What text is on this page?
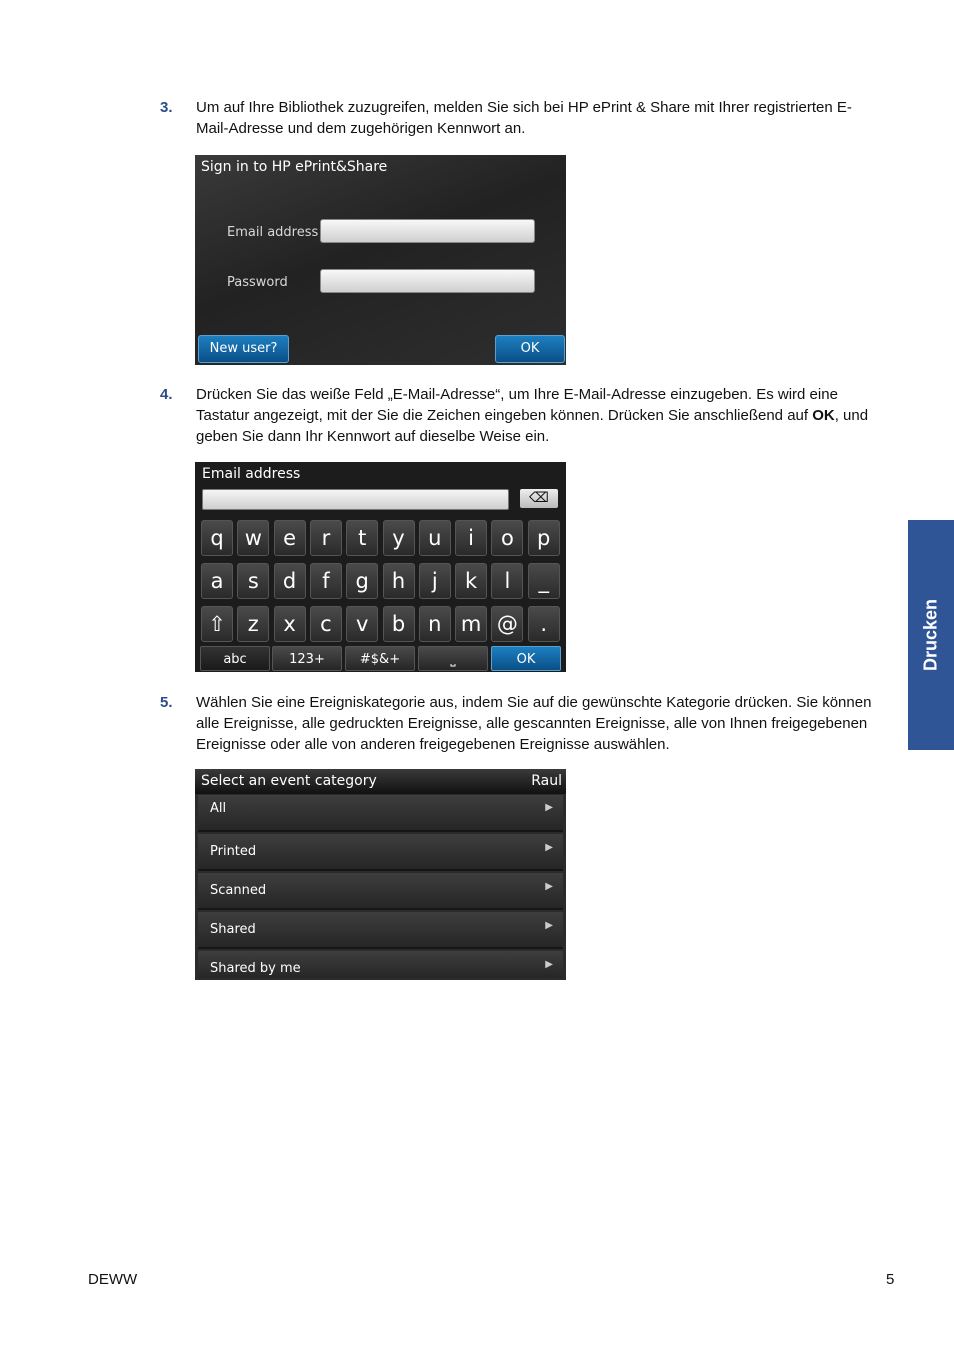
3. Um auf Ihre Bibliothek zuzugreifen, melden Sie sich bei HP ePrint & Share mit Ihrer registrierten E-Mail-Adresse und dem zugehörigen Kennwort an.
Sign in to HP ePrint&Share
Email address
Password
New user?	OK
4. Drücken Sie das weiße Feld „E-Mail-Adresse“, um Ihre E-Mail-Adresse einzugeben. Es wird eine Tastatur angezeigt, mit der Sie die Zeichen eingeben können. Drücken Sie anschließend auf OK, und geben Sie dann Ihr Kennwort auf dieselbe Weise ein.
Email address
⌫
q	w	e	r	t	y	u	i	o	p
a	s	d	f	g	h	j	k	l	_
⇧	z	x	c	v	b	n m @	.
abc	123+	#$&+	⎵	OK
5. Wählen Sie eine Ereigniskategorie aus, indem Sie auf die gewünschte Kategorie drücken. Sie können alle Ereignisse, alle gedruckten Ereignisse, alle gescannten Ereignisse, alle von Ihnen freigegebenen Ereignisse oder alle von anderen freigegebenen Ereignisse auswählen.
Select an event category	Raul
All	▶
Printed	▶
Scanned	▶
Shared	▶
Shared by me	▶
Drucken
DEWW	5
